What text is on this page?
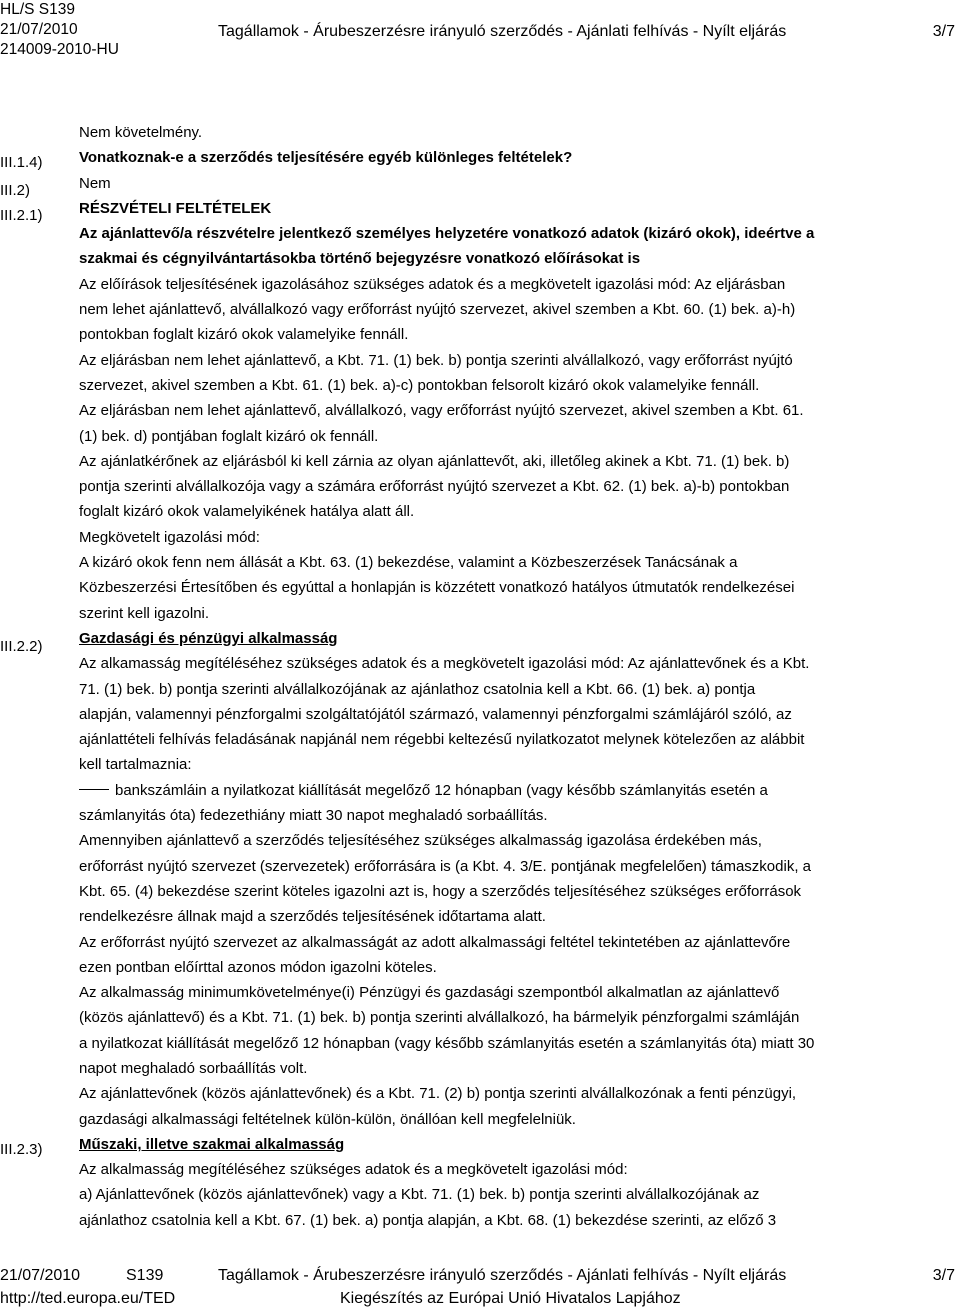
HL/S S139
21/07/2010
214009-2010-HU
Tagállamok - Árubeszerzésre irányuló szerződés - Ajánlati felhívás - Nyílt eljárás	3/7
III.1.4)
III.2)
III.2.1)
III.2.2)
III.2.3)

Nem követelmény.

Vonatkoznak-e a szerződés teljesítésére egyéb különleges feltételek?

Nem

RÉSZVÉTELI FELTÉTELEK

Az ajánlattevő/a részvételre jelentkező személyes helyzetére vonatkozó adatok (kizáró okok), ideértve a

szakmai és cégnyilvántartásokba történő bejegyzésre vonatkozó előírásokat is

Az előírások teljesítésének igazolásához szükséges adatok és a megkövetelt igazolási mód: Az eljárásban

nem lehet ajánlattevő, alvállalkozó vagy erőforrást nyújtó szervezet, akivel szemben a Kbt. 60. (1) bek. a)-h)

pontokban foglalt kizáró okok valamelyike fennáll.

Az eljárásban nem lehet ajánlattevő, a Kbt. 71. (1) bek. b) pontja szerinti alvállalkozó, vagy erőforrást nyújtó

szervezet, akivel szemben a Kbt. 61. (1) bek. a)-c) pontokban felsorolt kizáró okok valamelyike fennáll.

Az eljárásban nem lehet ajánlattevő, alvállalkozó, vagy erőforrást nyújtó szervezet, akivel szemben a Kbt. 61.

(1) bek. d) pontjában foglalt kizáró ok fennáll.

Az ajánlatkérőnek az eljárásból ki kell zárnia az olyan ajánlattevőt, aki, illetőleg akinek a Kbt. 71. (1) bek. b)

pontja szerinti alvállalkozója vagy a számára erőforrást nyújtó szervezet a Kbt. 62. (1) bek. a)-b) pontokban

foglalt kizáró okok valamelyikének hatálya alatt áll.

Megkövetelt igazolási mód:

A kizáró okok fenn nem állását a Kbt. 63. (1) bekezdése, valamint a Közbeszerzések Tanácsának a

Közbeszerzési Értesítőben és egyúttal a honlapján is közzétett vonatkozó hatályos útmutatók rendelkezései

szerint kell igazolni.

Gazdasági és pénzügyi alkalmasság

Az alkamasság megítéléséhez szükséges adatok és a megkövetelt igazolási mód: Az ajánlattevőnek és a Kbt.

71. (1) bek. b) pontja szerinti alvállalkozójának az ajánlathoz csatolnia kell a Kbt. 66. (1) bek. a) pontja

alapján, valamennyi pénzforgalmi szolgáltatójától származó, valamennyi pénzforgalmi számlájáról szóló, az

ajánlattételi felhívás feladásának napjánál nem régebbi keltezésű nyilatkozatot melynek kötelezően az alábbit

kell tartalmaznia:

bankszámláin a nyilatkozat kiállítását megelőző 12 hónapban (vagy később számlanyitás esetén a

számlanyitás óta) fedezethiány miatt 30 napot meghaladó sorbaállítás.

Amennyiben ajánlattevő a szerződés teljesítéséhez szükséges alkalmasság igazolása érdekében más,

erőforrást nyújtó szervezet (szervezetek) erőforrására is (a Kbt. 4. 3/E. pontjának megfelelően) támaszkodik, a

Kbt. 65. (4) bekezdése szerint köteles igazolni azt is, hogy a szerződés teljesítéséhez szükséges erőforrások

rendelkezésre állnak majd a szerződés teljesítésének időtartama alatt.

Az erőforrást nyújtó szervezet az alkalmasságát az adott alkalmassági feltétel tekintetében az ajánlattevőre

ezen pontban előírttal azonos módon igazolni köteles.

Az alkalmasság minimumkövetelménye(i) Pénzügyi és gazdasági szempontból alkalmatlan az ajánlattevő

(közös ajánlattevő) és a Kbt. 71. (1) bek. b) pontja szerinti alvállalkozó, ha bármelyik pénzforgalmi számláján

a nyilatkozat kiállítását megelőző 12 hónapban (vagy később számlanyitás esetén a számlanyitás óta) miatt 30

napot meghaladó sorbaállítás volt.

Az ajánlattevőnek (közös ajánlattevőnek) és a Kbt. 71. (2) b) pontja szerinti alvállalkozónak a fenti pénzügyi,

gazdasági alkalmassági feltételnek külön-külön, önállóan kell megfelelniük.

Műszaki, illetve szakmai alkalmasság

Az alkalmasság megítéléséhez szükséges adatok és a megkövetelt igazolási mód:

a) Ajánlattevőnek (közös ajánlattevőnek) vagy a Kbt. 71. (1) bek. b) pontja szerinti alvállalkozójának az

ajánlathoz csatolnia kell a Kbt. 67. (1) bek. a) pontja alapján, a Kbt. 68. (1) bekezdése szerinti, az előző 3

21/07/2010	S139	Tagállamok - Árubeszerzésre irányuló szerződés - Ajánlati felhívás - Nyílt eljárás	3/7
http://ted.europa.eu/TED	Kiegészítés az Európai Unió Hivatalos Lapjához
